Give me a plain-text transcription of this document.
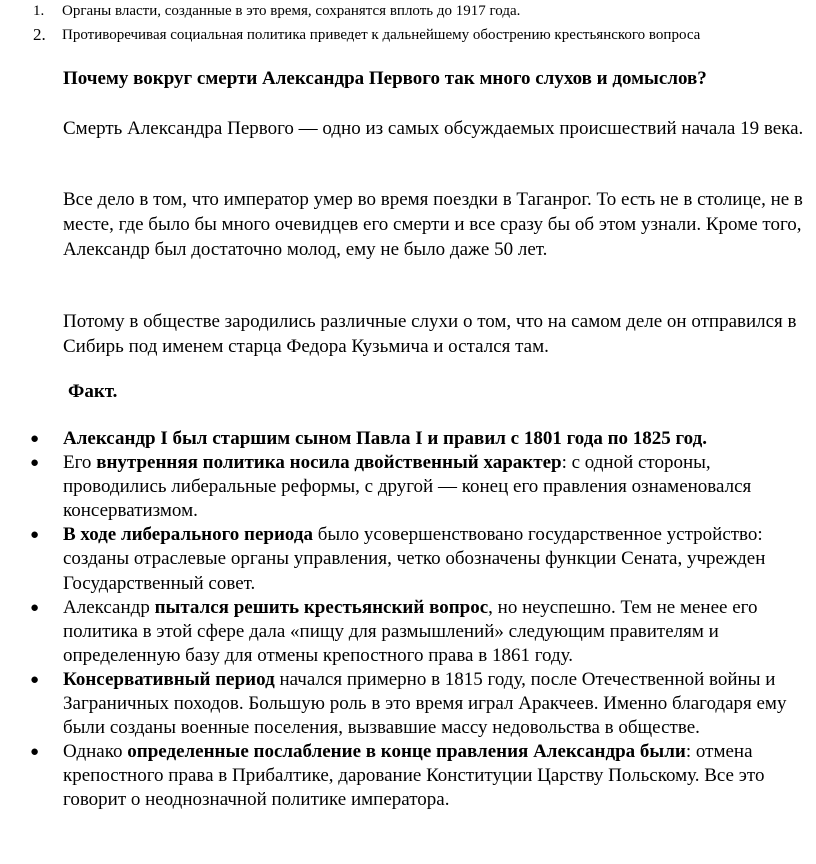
1.	Органы власти, созданные в это время, сохранятся вплоть до 1917 года.
2.	Противоречивая социальная политика приведет к дальнейшему обострению крестьянского вопроса
Почему вокруг смерти Александра Первого так много слухов и домыслов?
Смерть Александра Первого — одно из самых обсуждаемых происшествий начала 19 века.
Все дело в том, что император умер во время поездки в Таганрог. То есть не в столице, не в месте, где было бы много очевидцев его смерти и все сразу бы об этом узнали. Кроме того, Александр был достаточно молод, ему не было даже 50 лет.
Потому в обществе зародились различные слухи о том, что на самом деле он отправился в Сибирь под именем старца Федора Кузьмича и остался там.
Факт.
● Александр I был старшим сыном Павла I и правил с 1801 года по 1825 год.
● Его внутренняя политика носила двойственный характер: с одной стороны, проводились либеральные реформы, с другой — конец его правления ознаменовался консерватизмом.
● В ходе либерального периода было усовершенствовано государственное устройство: созданы отраслевые органы управления, четко обозначены функции Сената, учрежден Государственный совет.
● Александр пытался решить крестьянский вопрос, но неуспешно. Тем не менее его политика в этой сфере дала «пищу для размышлений» следующим правителям и определенную базу для отмены крепостного права в 1861 году.
● Консервативный период начался примерно в 1815 году, после Отечественной войны и Заграничных походов. Большую роль в это время играл Аракчеев. Именно благодаря ему были созданы военные поселения, вызвавшие массу недовольства в обществе.
● Однако определенные послабление в конце правления Александра были: отмена крепостного права в Прибалтике, дарование Конституции Царству Польскому. Все это говорит о неоднозначной политике императора.
